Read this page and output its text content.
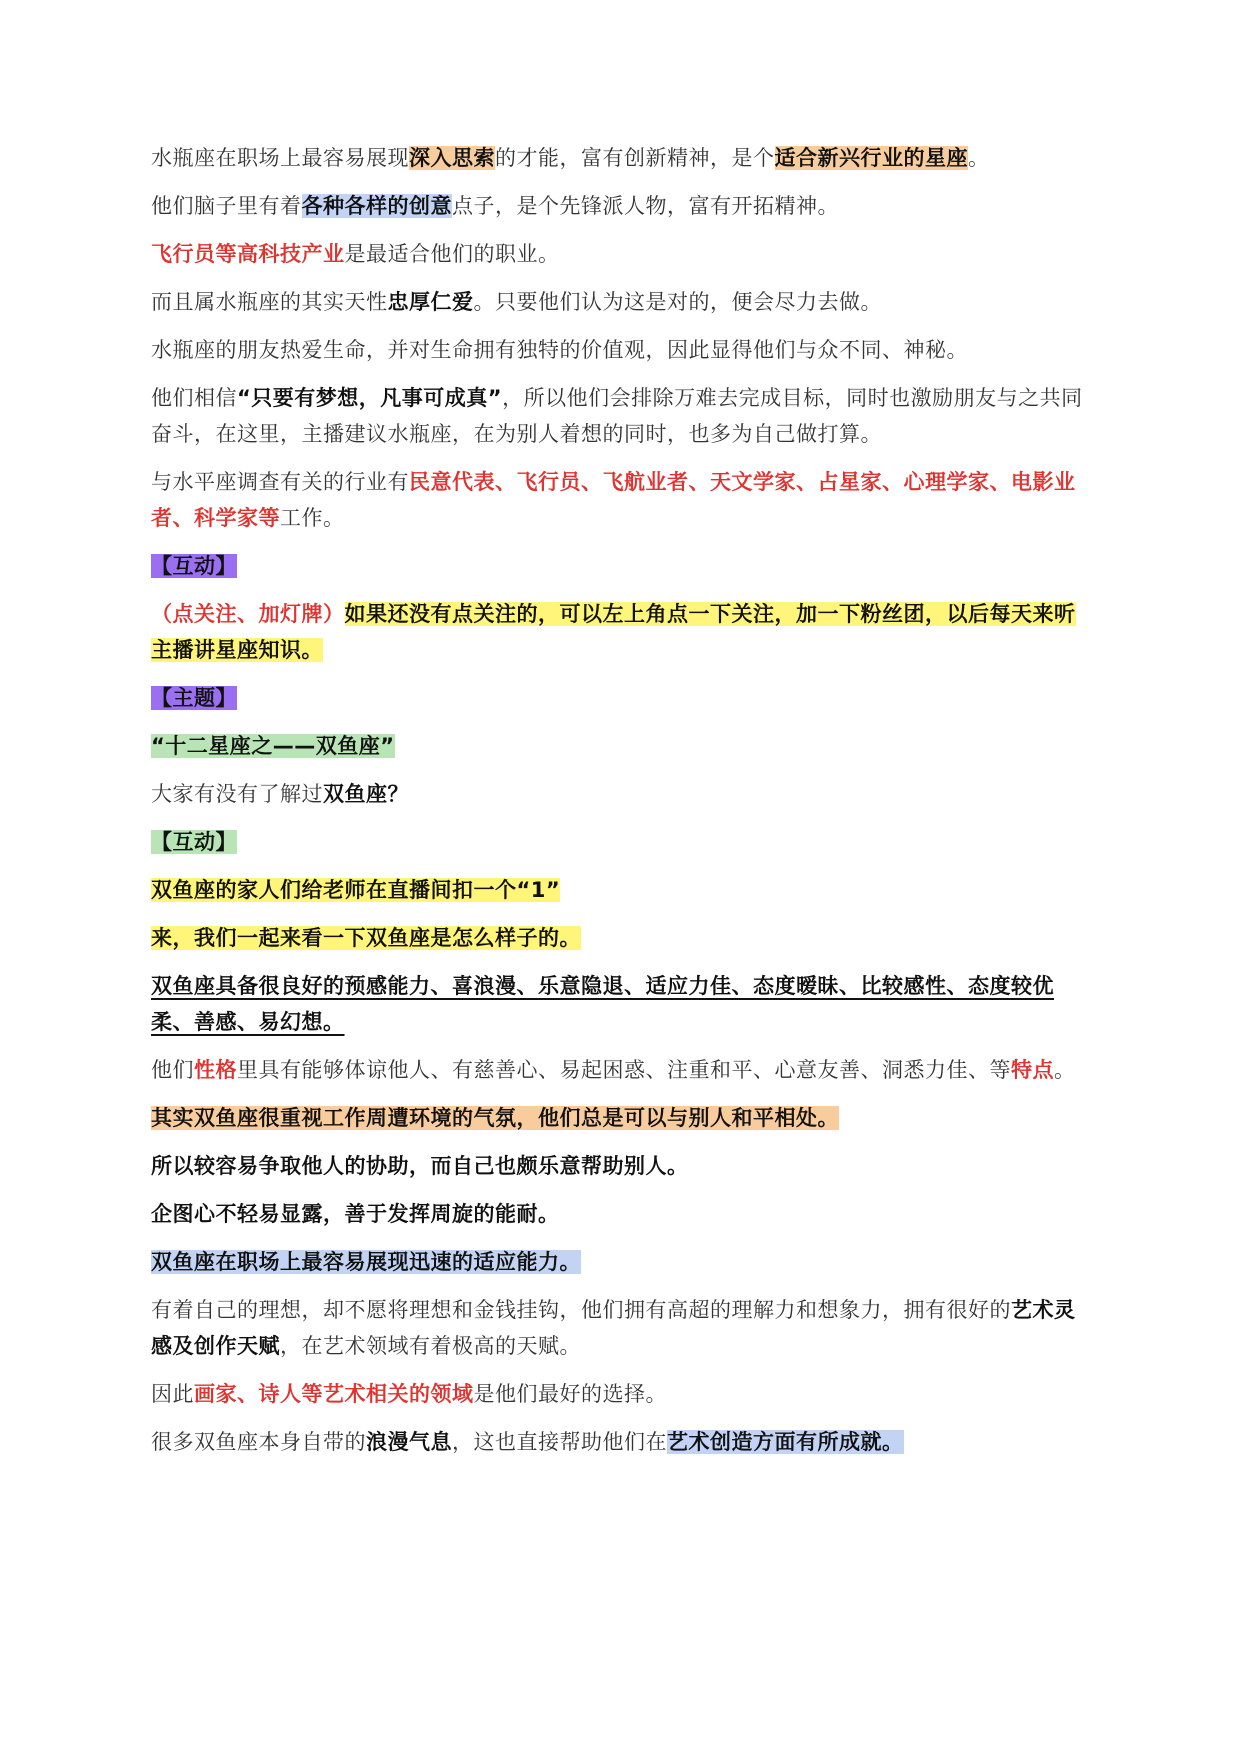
水瓶座在职场上最容易展现深入思索的才能，富有创新精神，是个适合新兴行业的星座。

他们脑子里有着各种各样的创意点子，是个先锋派人物，富有开拓精神。

飞行员等高科技产业是最适合他们的职业。

而且属水瓶座的其实天性忠厚仁爱。只要他们认为这是对的，便会尽力去做。

水瓶座的朋友热爱生命，并对生命拥有独特的价值观，因此显得他们与众不同、神秘。

他们相信“只要有梦想，凡事可成真”，所以他们会排除万难去完成目标，同时也激励朋友与之共同奋斗，在这里，主播建议水瓶座，在为别人着想的同时，也多为自己做打算。

与水平座调查有关的行业有民意代表、飞行员、飞航业者、天文学家、占星家、心理学家、电影业者、科学家等工作。

【互动】

（点关注、加灯牌）如果还没有点关注的，可以左上角点一下关注，加一下粉丝团，以后每天来听主播讲星座知识。

【主题】

“十二星座之——双鱼座”

大家有没有了解过双鱼座？

【互动】

双鱼座的家人们给老师在直播间扣一个“1”

来，我们一起来看一下双鱼座是怎么样子的。

双鱼座具备很良好的预感能力、喜浪漫、乐意隐退、适应力佳、态度暧昧、比较感性、态度较优柔、善感、易幻想。

他们性格里具有能够体谅他人、有慈善心、易起困惑、注重和平、心意友善、洞悉力佳、等特点。

其实双鱼座很重视工作周遭环境的气氛，他们总是可以与别人和平相处。

所以较容易争取他人的协助，而自己也颇乐意帮助别人。

企图心不轻易显露，善于发挥周旋的能耐。

双鱼座在职场上最容易展现迅速的适应能力。

有着自己的理想，却不愿将理想和金钱挂钩，他们拥有高超的理解力和想象力，拥有很好的艺术灵感及创作天赋，在艺术领域有着极高的天赋。

因此画家、诗人等艺术相关的领域是他们最好的选择。

很多双鱼座本身自带的浪漫气息，这也直接帮助他们在艺术创造方面有所成就。
